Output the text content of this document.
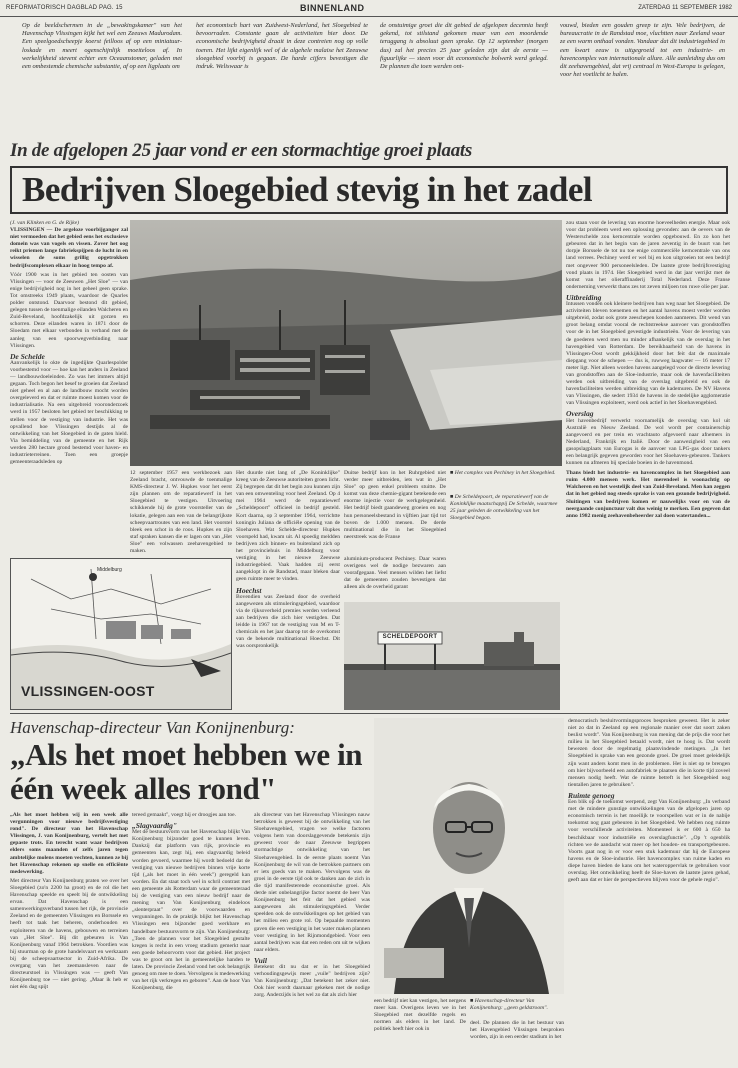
REFORMATORISCH DAGBLAD PAG. 15	BINNENLAND	ZATERDAG 11 SEPTEMBER 1982
Op de beeldschermen in de „bewakingskamer" van het Havenschap Vlissingen kijkt het wel een Zeeuws Madurodam. Een speelgoedscheepje koerst feilloos af op een miniatuur-loskade en meert ogenschijnlijk moeiteloos af. In werkelijkheid stevent echter een Oceaanstomer, geladen met een ombestemde chemische substantie, af op een ligplaats om
het economisch hart van Zuidwest-Nederland, het Sloegebied te bevoorraden. Constante gaan de activiteiten hier door. De economische bedrijvigheid draait in deze contreien nog op volle toeren. Het lijkt eigenlijk wel of de algehele malaise het Zeeuwse sloegebied voorbij is gegaan. De harde cijfers bevestigen die indruk. Weliswaar is
de onstuimige groei die dit gebied de afgelopen decennia heeft gekend, tot stilstand gekomen maar van een moordende teruggang is absoluut geen sprake. Op 12 september (morgen dus) zal het precies 25 jaar geleden zijn dat de eerste — figuurlijke — steen voor dit economische bolwerk werd gelegd. De plannen die toen werden ont-
vouwd, bieden een gouden greep te zijn. Vele bedrijven, de bureaucratie in de Randstad moe, vluchtten naar Zeeland waar ze een warm onthaal vonden. Vandaar dat dit industriegebied in een kwart eeuw is uitgegroeid tot een industrie- en havencomplex van internationale allure. Alle aanleiding dus om dit zeehavengebied, dat vrij centraal in West-Europa is gelegen, voor het voetlicht te halen.
In de afgelopen 25 jaar vond er een stormachtige groei plaats
Bedrijven Sloegebied stevig in het zadel
(J. van Klinken en G. de Rijke)
VLISSINGEN — De argeloze voorbijganger zal niet vermoeden dat het gebied eens het exclusieve domein was van vogels en vissen. Zover het oog reikt priemen lange fabriekspijpen de lucht in en wisselen de soms grillig opgetrokken bedrijfscomplexen elkaar in hoog tempo af.
Vóór 1900 was in het gebied ten oosten van Vlissingen — voor de Zeeuwen „Het Sloe" — van enige bedrijvigheid nog in het geheel geen sprake. Tot omstreeks 1949 plaats, waardoor de Quarles polder ontstond. Daarvoor bestond dit gebied, gelegen tussen de toenmalige eilanden Walcheren en Zuid-Beveland, hoofdzakelijk uit gorzen en schorren. Deze eilanden waren in 1871 door de Sloedam met elkaar verbonden in verband met de aanleg van een spoorwegverbinding naar Vlissingen.
De Schelde
Aanvankelijk lo okte de ingedijkte Quarlespolder voorbestemd voor — hoe kan het anders in Zeeland — landbouwdoeleinden. Zo was het immers altijd gegaan. Toch begon het besef te groeien dat Zeeland niet geheel en al aan de landbouw mocht worden overgeleverd en dat er ruimte moest komen voor de industrialisatie. Na een uitgebreid vooronderzoek werd in 1957 besloten het gebied ter beschikking te stellen voor de vestiging van industrie. Het was opvallend hoe Vlissingen destijds al de ontwikkeling van het Sloegebied in de gaten hield. Via bemiddeling van de gemeente en het Rijk werden 280 hectare grond bestemd voor haven- en industrieterreinen. Toen een groepje gemeenteraadsleden op
zou staan voor de levering van enorme hoeveelheden energie. Maar ook voor dat probleem werd een oplossing gevonden: aan de oevers van de Westerschelde zou kerncentrale worden opgebouwd. En zo kon het gebeuren dat in het begin van de jaren zeventig in de buurt van het dorpje Borssele de tot nu toe enige commerciële kerncentrale van ons land verrees. Pechiney werd er wel bij en kon uitgroeien tot een bedrijf met ongeveer 900 personeelsleden. De laatste grote bedrijfsvestiging vond plaats in 1974. Het Sloegebied werd in dat jaar verrijkt met de komst van het olieraffinaderij Total Nederland. Deze Franse onderneming verwerkt thans zes tot zeven miljoen ton ruwe olie per jaar.
Uitbreiding
Intussen vonden ook kleinere bedrijven hun weg naar het Sloegebied. De activiteiten bleven toenemen en het aantal havens moest verder worden uitgebreid, zodat ook grote zeeschepen konden aanmeren. Dit wend van groot belang omdat vooral de rechtstreekse aanvoer van grondstoffen voor de in het Sloegebied gevestigde industrieën. Voor de levering van de goederen werd men nu minder afhankelijk van de overslag in het havengebied van Rotterdam. De bereikbaarheid van de havens in Vlissingen-Oost wordt gekkijkheid door het feit dat de maximale diepgang voor de schepen — dus is, ruwweg laagwater — 16 meter 17 meter ligt. Niet alleen worden havens aangelegd voor de directe levering van grondstoffen aan de Sloe-industrie, maar ook de havenfaciliteiten werden ook uitbreiding van de overslag uitgebreid en ook de havenfaciliteiten werden uitbreiding van de kademuren. De NV Havens van Vlissingen, die sedert 1934 de havens in de stedelijke agglomeratie van Vlissingen exploiteert, werd ook actief in het Sloehavengebied.
Overslag
Het havenbedrijf verwerkt voornamelijk de overslag van kol uit Australië en Nieuw Zeeland. De wol wordt per containerschip aangevoerd en per trein en vrachtauto afgevoerd naar afnemers in Nederland, Frankrijk en Italië. Door de aanwezigheid van een gasopslagplaats van Eurogas is de aanvoer van LPG-gas door tankers een belangrijk gegeven geworden voor het Sloehaven-gebeuren. Tankers kunnen nu afmeren bij speciale boeien in de havenmond.
Thans biedt het industrie- en havencomplex in het Sloegebied aan ruim 4.000 mensen werk. Het merendeel is woonachtig op Walcheren en het westelijk deel van Zuid-Beveland. Men kan zeggen dat in het gebied nog steeds sprake is van een gezonde bedrijvigheid. Sluitingen van bedrijven komen er nauwelijks voor en van de neergaande conjunctuur valt dus weinig te merken. Een gegeven dat anno 1982 menig zeehavenbeheerder zal doen watertanden...
12 september 1957 een werkbezoek aan Zeeland bracht, ontvouwde de toenmalige KMS-directeur J. W. Hupkes voor het eerst zijn plannen om de reparatiewerf in het Sloegebied te vestigen. Uitvoering schikkende hij de grote voorsteller van de lokatie, gelegen aan een van de belangrijkste scheepvaartroutes van een land. Het voorstel bleek een schot in de roos. Hupkes en zijn staf spraken kansen die er lagen om van „Het Sloe" een volwassen zeehavengebied te maken.
Het duurde niet lang of „De Koninklijke" kreeg van de Zeeuwse autoriteiten groen licht. Zij begrepen dat dit het begin zou kunnen zijn van een omwenteling voor heel Zeeland. Op 4 mei 1964 werd de reparatiewerf „Scheldepoort" officieel in bedrijf gesteld. Kort daarna, op 3 september 1964, verrichtte koningin Juliana de officiële opening van de Sloehaven. Wat Schelde-directeur Hupkes voorspeld had, kwam uit. Al spoedig meldden bedrijven zich binnen- en buitenland zich op het provinciehuis in Middelburg voor vestiging in het nieuwe Zeeuwse industriegebied. Vaak hadden zij eerst aangeklopt in de Randstad, maar bleken daar geen ruimte meer te vinden.
Hoechst
Bovendien was Zeeland door de overheid aangewezen als stimuleringsgebied, waardoor via de rijksoverheid premies werden verleend aan bedrijven die zich hier vestigden. Dat leidde in 1967 tot de vestiging van M en T-chemicals en het jaar daarop tot de overkomst van de bekende multinational Hoechst. Dit was oorspronkelijk
Duitse bedrijf kon in het Ruhrgebied niet verder meer uitbreiden, iets wat in „Het Sloe" op geen enkel probleem stuitte. De komst van deze chemie-gigant betekende een enorme injectie voor de werkgelegenheid. Het bedrijf biedt gaandeweg groeien en nog hun personeelsbestand in vijftien jaar tijd tot boven de 1.000 mensen. De derde multinational die in het Sloegebied neerstreek was de Franse
■ Het complex van Pechiney in het Sloegebied.
aluminium-producent Pechiney. Daar waren overigens wel de nodige bezwaren aan voorafgegaan. Veel mensen wilden het liefst dat de gemeenten zouden bevestigen dat alleen als de overheid garant
■ De Scheldepoort, de reparatiewerf van de Koninklijke maatschappij De Schelde, waarmee 25 jaar geleden de ontwikkeling van het Sloegebied begon.
Middelburg
VLISSINGEN-OOST
SCHELDEPOORT
Havenschap-directeur Van Konijnenburg:
„Als het moet hebben we in één week alles rond"
„Als het moet hebben wij in een week alle vergunningen voor nieuwe bedrijfsvestiging rond". De directeur van het Havenschap Vlissingen, J. van Konijnenburg, vertelt het met gepaste trots. En terecht want waar bedrijven elders soms maanden of zelfs jaren tegen ambtelijke molens moeten vechten, kunnen ze bij het Havenschap rekenen op snelle en efficiënte medewerking.
Met directeur Van Konijnenburg praten we over het Sloegebied (zo'n 2200 ha groot) en de rol die het Havenschap speelde en speelt bij de ontwikkeling ervan. Dat Havenschap is een samenwerkingsverband tussen het rijk, de provincie Zeeland en de gemeenten Vlissingen en Borssele en heeft tot taak het beheren, onderhouden en exploiteren van de havens, gebouwen en terreinen van „Het Sloe". Bij dit gebeuren is Van Konijnenburg vanaf 1964 betrokken. Voordien was hij stuurman op de grote handelsvaart en werkzaam bij de scheepvaartsector in Zuid-Afrika. De overgang van het zeemansleven naar de directeurstoel in Vlissingen was — geeft Van Konijnenburg toe — niet gering. „Maar ik heb er niet één dag spijt
tereed gemaakt", voegt hij er droogjes aan toe.
„Slagvaardig"
Met de bestuursvorm van het Havenschap blijkt Van Konijnenburg bijzonder goed te kunnen leven. Dankzij dat platform van rijk, provincie en gemeenten kan, zegt hij, een slagvaardig beleid worden gevoerd, waarmee hij wordt bedoeld dat de vestiging van nieuwe bedrijven binnen vrije korte tijd („als het moet in één week") geregeld kan worden. En dat staat toch wel in schril contrast met een gemeente als Rotterdam waar de gemeenteraad bij de vestiging van een nieuw bedrijf naar de mening van Van Konijnenburg eindeloos „slenterpraat" over de voorwaarden en vergunningen. In de praktijk blijkt het Havenschap Vlissingen een bijzonder goed werkbare en handelbare bestuursvorm te zijn. Van Konijnenburg: „Toen de plannen voor het Sloegebied gestalte kregen is recht in een vroeg stadium gemerkt naar een goede behoorvorm voor dat gebied. Het project was te groot om het in gemeentelijke handen te laten. De provincie Zeeland vond het ook belangrijk genoeg om mee te doen. Vervolgens is medewerking van het rijk verkregen en geboren". Aan de hoor Van Konijnenburg, die
als directeur van het Havenschap Vlissingen nauw betrokken is geweest bij de ontwikkeling van het Sloehavengebied, vragen we welke factoren volgens hem van doorslaggevende betekenis zijn geweest voor de naar Zeeuwse begrippen stormachtige ontwikkeling van het Sloehavengebied. In de eerste plaats noemt Van Konijnenburg de wil van de betrokken partners om er iets goeds van te maken. Vervolgens was de groei in de eerste tijd ook te danken aan de zich in die tijd manifesterende economische groei. Als derde niet onbelangrijke factor noemt de heer Van Konijnenburg het feit dat het gebied was aangewezen als stimuleringsgebied. Verder speelden ook de ontwikkelingen op het gebied van het milieu een grote rol. Op bepaalde momenten gaven die een vestiging in het water maken plannen voor vestiging in het Rijnmondgebied. Voor een aantal bedrijven was dat een reden om uit te wijken naar elders.
Vuil
Betekent dit nu dat er in het Sloegebied verhoudingsgewijs meer „vuile" bedrijven zijn? Van Konijnenburg: „Dat betekent het zeker niet. Ook hier wordt daarnaar gekeken met de nodige zorg. Anderzijds is het wel zo dat als zich hier
een bedrijf niet kan vestigen, het nergens meer kan. Overigens leven we in het Sloegebied met dezelfde regels en normen als elders in het land. De politiek heeft hier ook in
■ Havenschap-directeur Van Konijnenburg: „geen geldstroom".
deel. De plannen die in het bestuur van het Havengebied Vlissingen besproken worden, zijn in een eerder stadium in het
democratisch besluitvormingsproces besproken geweest. Het is zeker niet zo dat in Zeeland op een regionale manier over dat soort zaken beslist wordt". Van Konijnenburg is van mening dat de prijs die voor het milieu in het Sloegebied betaald wordt, niet te hoog is. Dat wordt bewezen door de regelmatig plaatsvindende metingen. „In het Sloegebied is sprake van een gezonde groei. De groei moet geleidelijk zijn want anders komt men in de problemen. Het is niet op te brengen om hier bijvoorbeeld een autofabriek te plaatsen die in korte tijd zoveel mensen nodig heeft. Wat de ruimte betreft is het Sloegebied nog tientallen jaren te gebruiken".
Ruimte genoeg
Een blik op de toekomst werpend, zegt Van Konijnenburg: „In verband met de mindere gunstige ontwikkelingen van de afgelopen jaren op economisch terrein is het moeilijk te voorspellen wat er in de nabije toekomst nog gaat gebeuren in het Sloegebied. We hebben nog ruimte voor verschillende activiteiten. Momenteel is er 600 à 650 ha beschikbaar voor industriële en overslagfunctie". „Op 't ogenblik richten we de aandacht wat meer op het houden- en transportgebeuren. Voorts gaat nog in er voor een stuk kademuur dat hij de Europese havens en de Sloe-industrie. Het havencomplex van ruime kaden en diepe haven bieden de kans om het wateroppervlak te gebruiken voor overslag. Het ontwikkeling heeft de Sloe-haven de laatste jaren gehad, geeft aan dat er hier de perspectieven blijven voor de gehele regio".
